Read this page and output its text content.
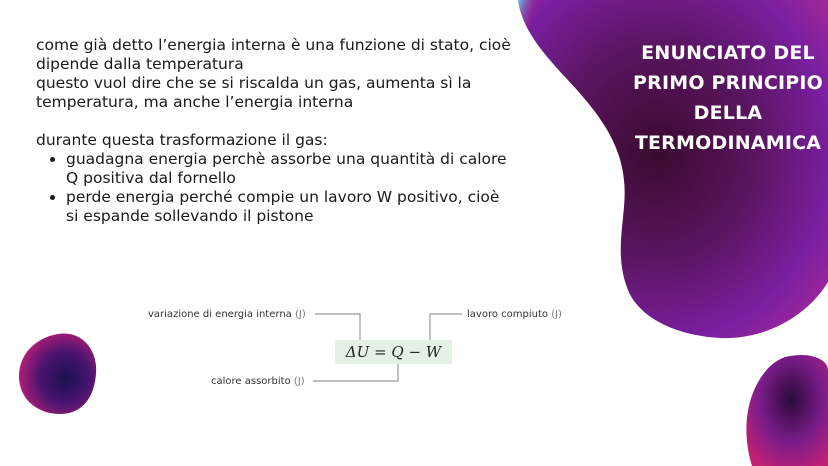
ENUNCIATO DEL
PRIMO PRINCIPIO
DELLA
TERMODINAMICA

come già detto l’energia interna è una funzione di stato, cioè dipende dalla temperatura

questo vuol dire che se si riscalda un gas, aumenta sì la temperatura, ma anche l’energia interna

durante questa trasformazione il gas:

• guadagna energia perchè assorbe una quantità di calore Q positiva dal fornello
• perde energia perché compie un lavoro W positivo, cioè si espande sollevando il pistone
ΔU = Q − W
variazione di energia interna (J)	lavoro compiuto (J)
calore assorbito (J)
